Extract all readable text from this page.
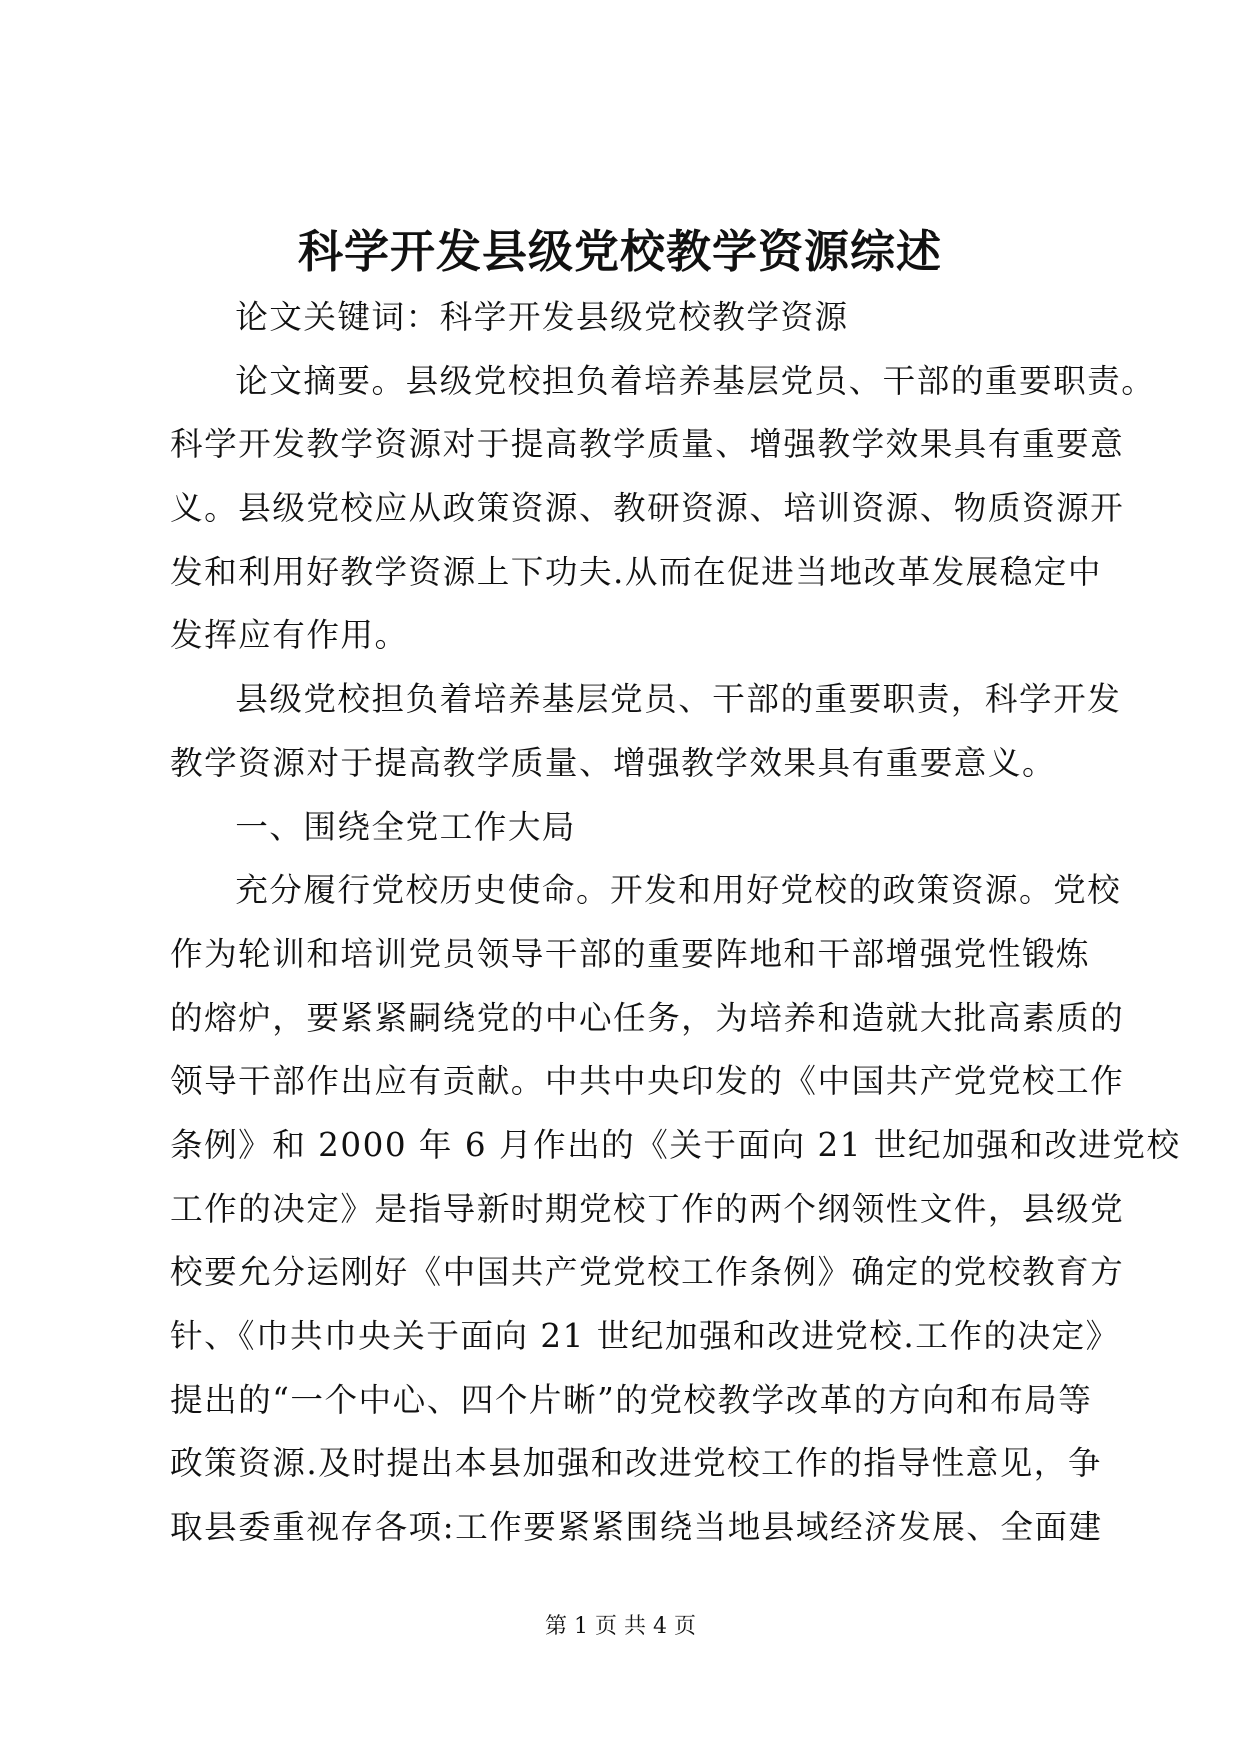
科学开发县级党校教学资源综述
论文关键词：科学开发县级党校教学资源
论文摘要。县级党校担负着培养基层党员、干部的重要职责。
科学开发教学资源对于提高教学质量、增强教学效果具有重要意
义。县级党校应从政策资源、教研资源、培训资源、物质资源开
发和利用好教学资源上下功夫.从而在促进当地改革发展稳定中
发挥应有作用。
县级党校担负着培养基层党员、干部的重要职责，科学开发
教学资源对于提高教学质量、增强教学效果具有重要意义。
一、围绕全党工作大局
充分履行党校历史使命。开发和用好党校的政策资源。党校
作为轮训和培训党员领导干部的重要阵地和干部增强党性锻炼
的熔炉，要紧紧嗣绕党的中心任务，为培养和造就大批高素质的
领导干部作出应有贡献。中共中央印发的《中国共产党党校工作
条例》和 2000 年 6 月作出的《关于面向 21 世纪加强和改进党校
工作的决定》是指导新时期党校丁作的两个纲领性文件，县级党
校要允分运刚好《中国共产党党校工作条例》确定的党校教育方
针、《巾共巾央关于面向 21 世纪加强和改进党校.工作的决定》
提出的“一个中心、四个片晰”的党校教学改革的方向和布局等
政策资源.及时提出本县加强和改进党校工作的指导性意见，争
取县委重视存各项:工作要紧紧围绕当地县域经济发展、全面建
第 1 页 共 4 页
